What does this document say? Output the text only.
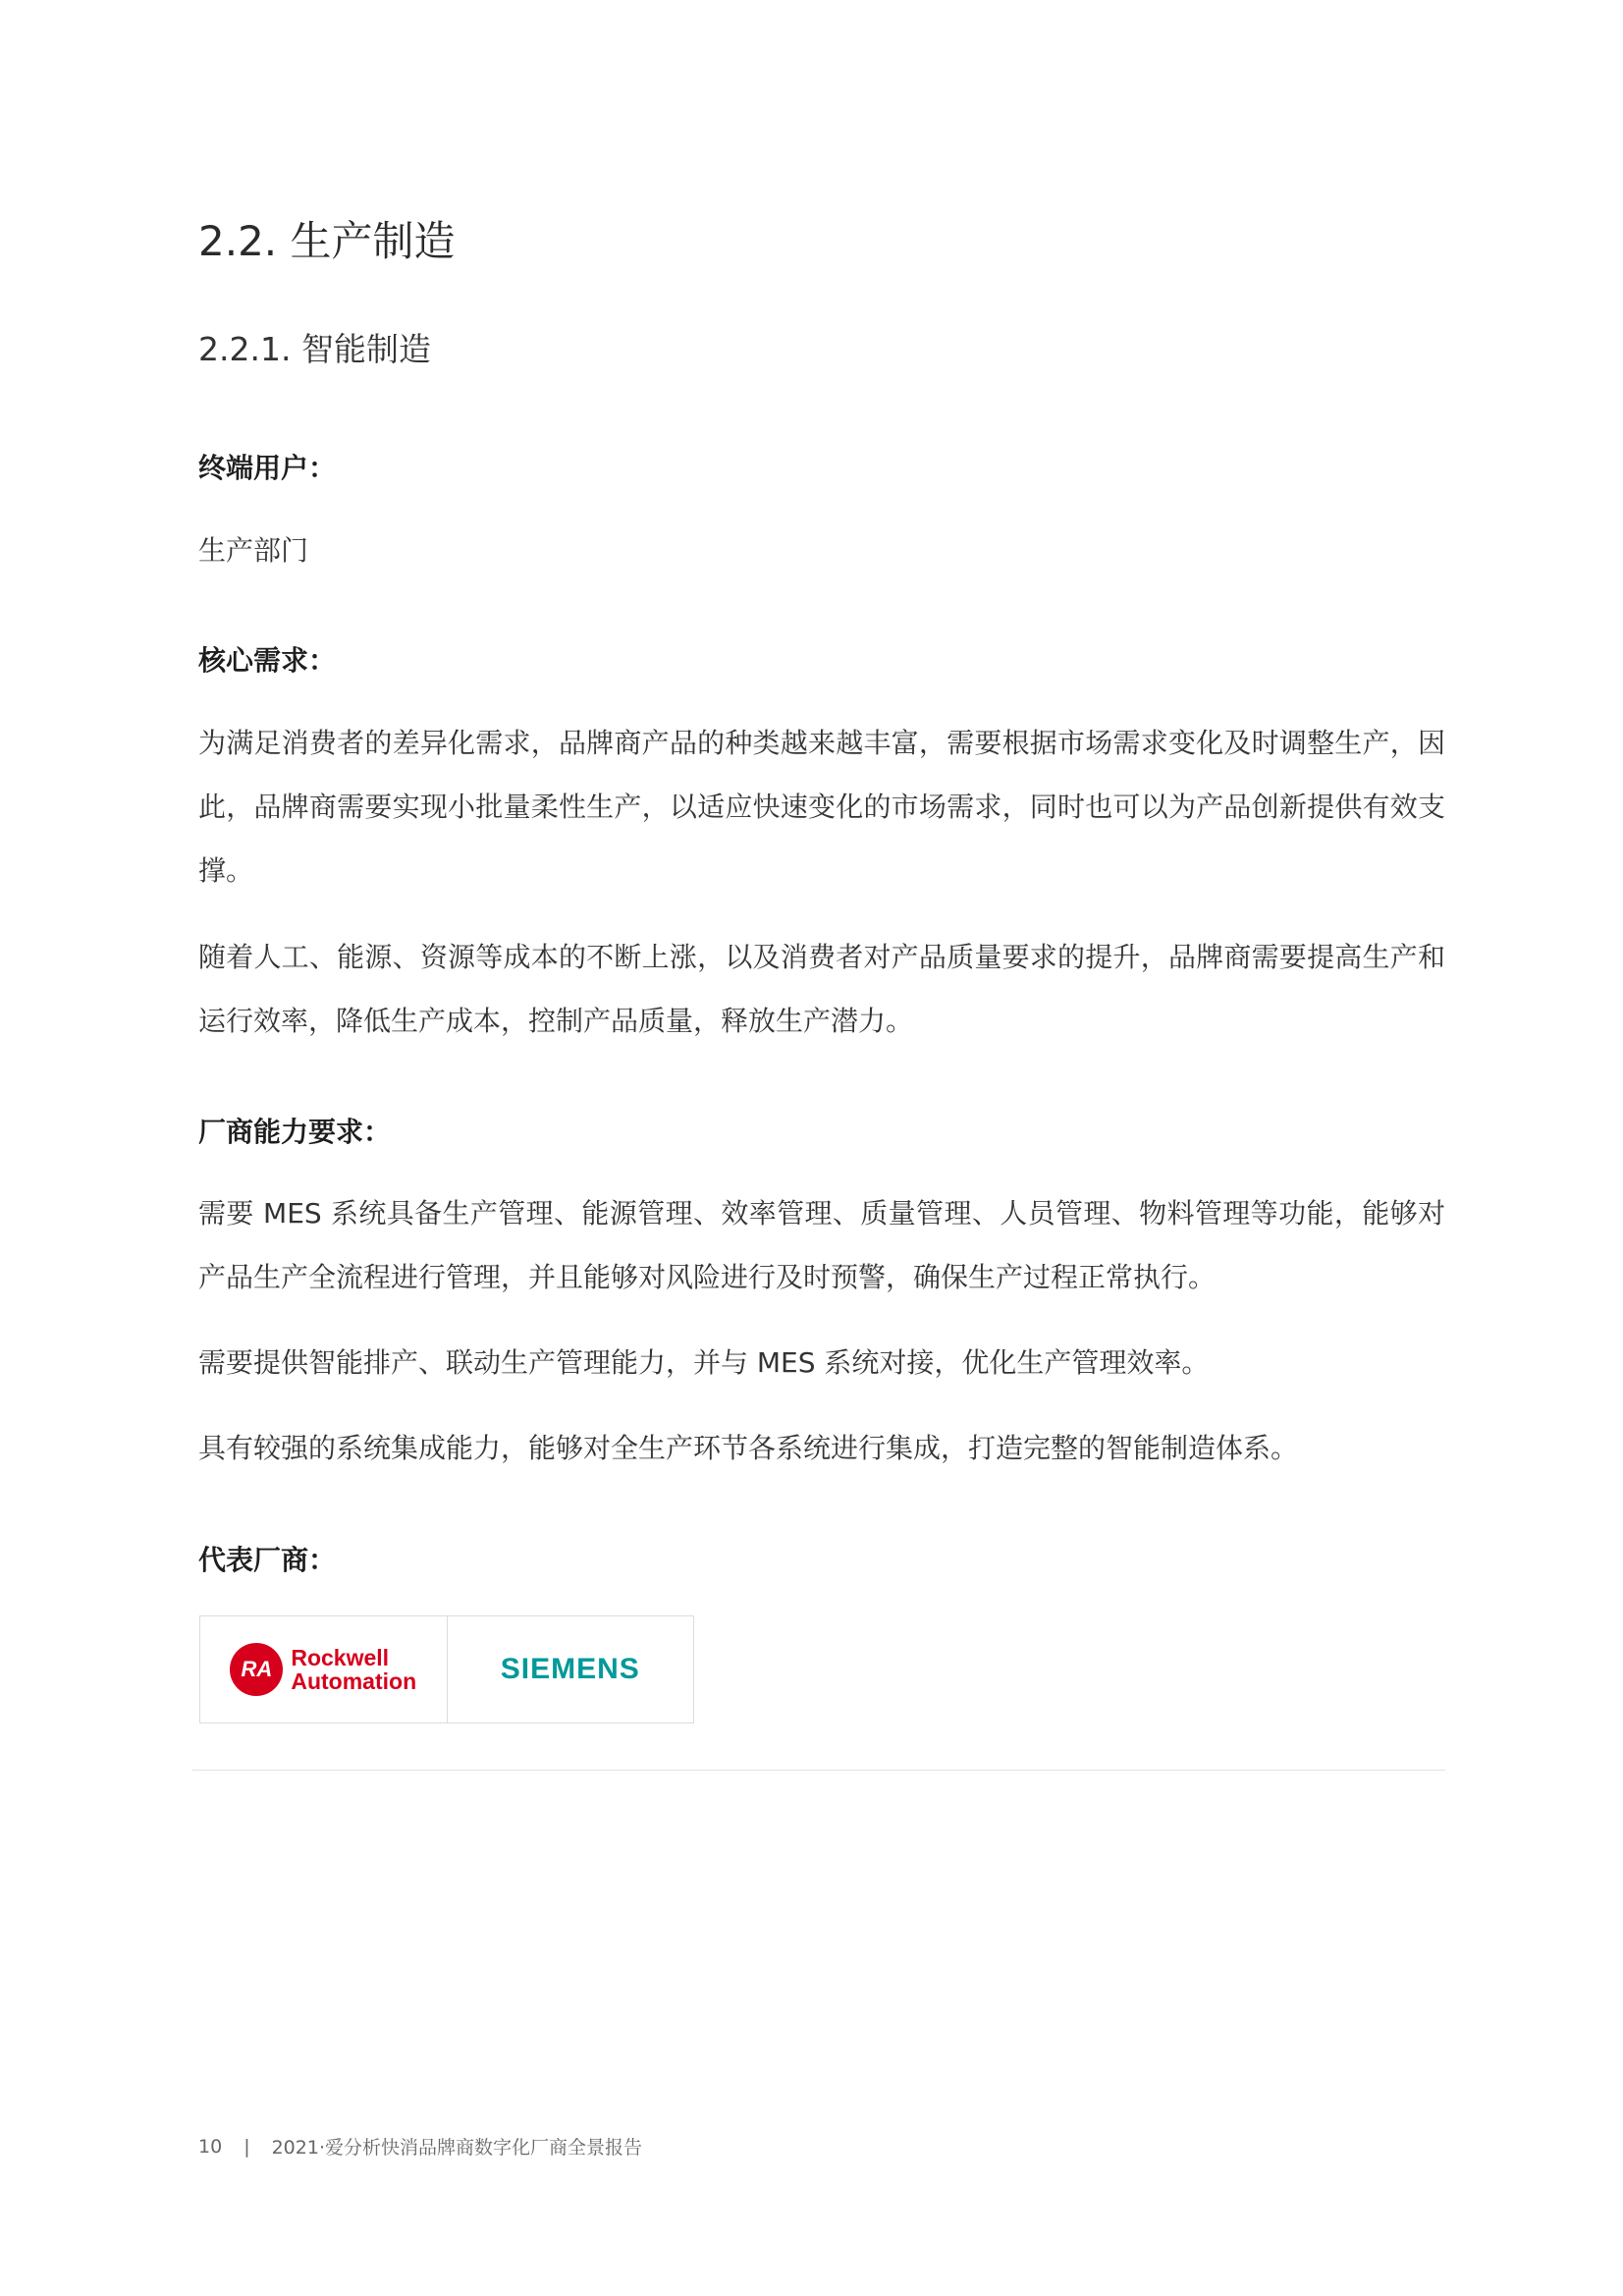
2.2. 生产制造
2.2.1. 智能制造

终端用户：

生产部门

核心需求：

为满足消费者的差异化需求，品牌商产品的种类越来越丰富，需要根据市场需求变化及时调整生产，因此，品牌商需要实现小批量柔性生产，以适应快速变化的市场需求，同时也可以为产品创新提供有效支撑。

随着人工、能源、资源等成本的不断上涨，以及消费者对产品质量要求的提升，品牌商需要提高生产和运行效率，降低生产成本，控制产品质量，释放生产潜力。

厂商能力要求：

需要 MES 系统具备生产管理、能源管理、效率管理、质量管理、人员管理、物料管理等功能，能够对产品生产全流程进行管理，并且能够对风险进行及时预警，确保生产过程正常执行。

需要提供智能排产、联动生产管理能力，并与 MES 系统对接，优化生产管理效率。

具有较强的系统集成能力，能够对全生产环节各系统进行集成，打造完整的智能制造体系。

代表厂商：

RA Rockwell
Automation	SIEMENS
10 | 2021·爱分析快消品牌商数字化厂商全景报告
